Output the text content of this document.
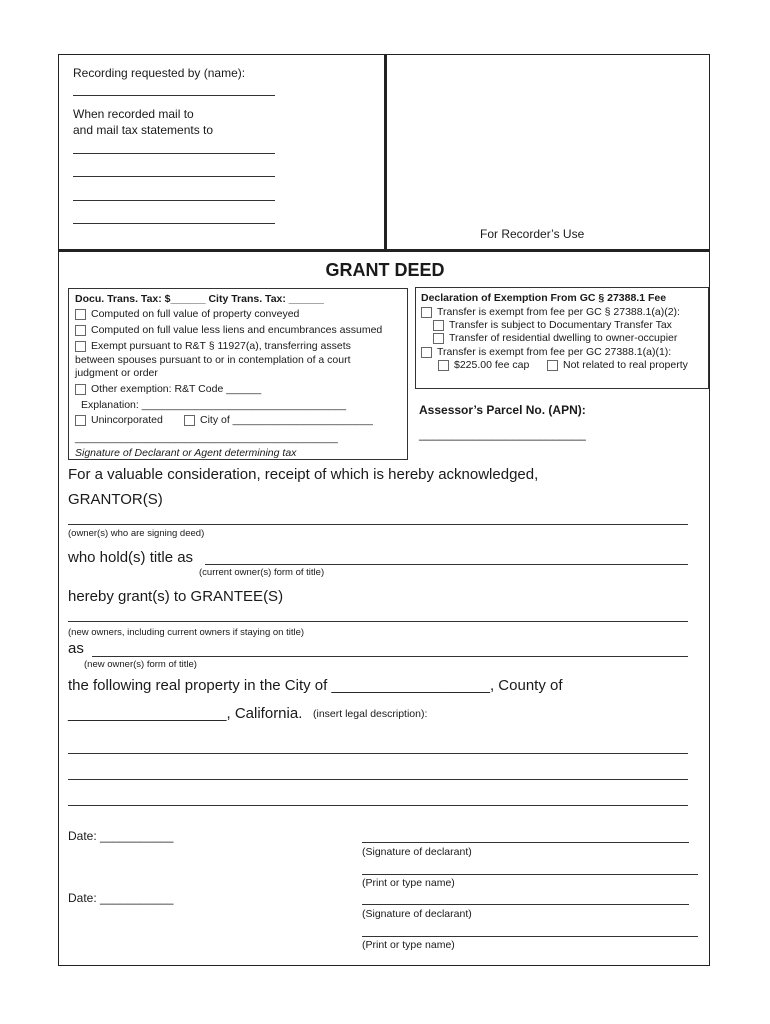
Recording requested by (name):
When recorded mail to
and mail tax statements to
For Recorder’s Use
GRANT DEED
Docu. Trans. Tax: $______ City Trans. Tax: ______
Computed on full value of property conveyed
Computed on full value less liens and encumbrances assumed
Exempt pursuant to R&T § 11927(a), transferring assets
between spouses pursuant to or in contemplation of a court
judgment or order
Other exemption: R&T Code ______
Explanation: ___________________________________
Unincorporated	City of ________________________
_____________________________________________
Signature of Declarant or Agent determining tax
Declaration of Exemption From GC § 27388.1 Fee
Transfer is exempt from fee per GC § 27388.1(a)(2):
Transfer is subject to Documentary Transfer Tax
Transfer of residential dwelling to owner-occupier
Transfer is exempt from fee per GC 27388.1(a)(1):
$225.00 fee cap	Not related to real property
Assessor’s Parcel No. (APN):
_________________________
For a valuable consideration, receipt of which is hereby acknowledged,
GRANTOR(S)
(owner(s) who are signing deed)
who hold(s) title as
(current owner(s) form of title)
hereby grant(s) to GRANTEE(S)
(new owners, including current owners if staying on title)
as
(new owner(s) form of title)
the following real property in the City of ___________________, County of
___________________, California. (insert legal description):
Date: ___________
(Signature of declarant)
(Print or type name)
Date: ___________
(Signature of declarant)
(Print or type name)
